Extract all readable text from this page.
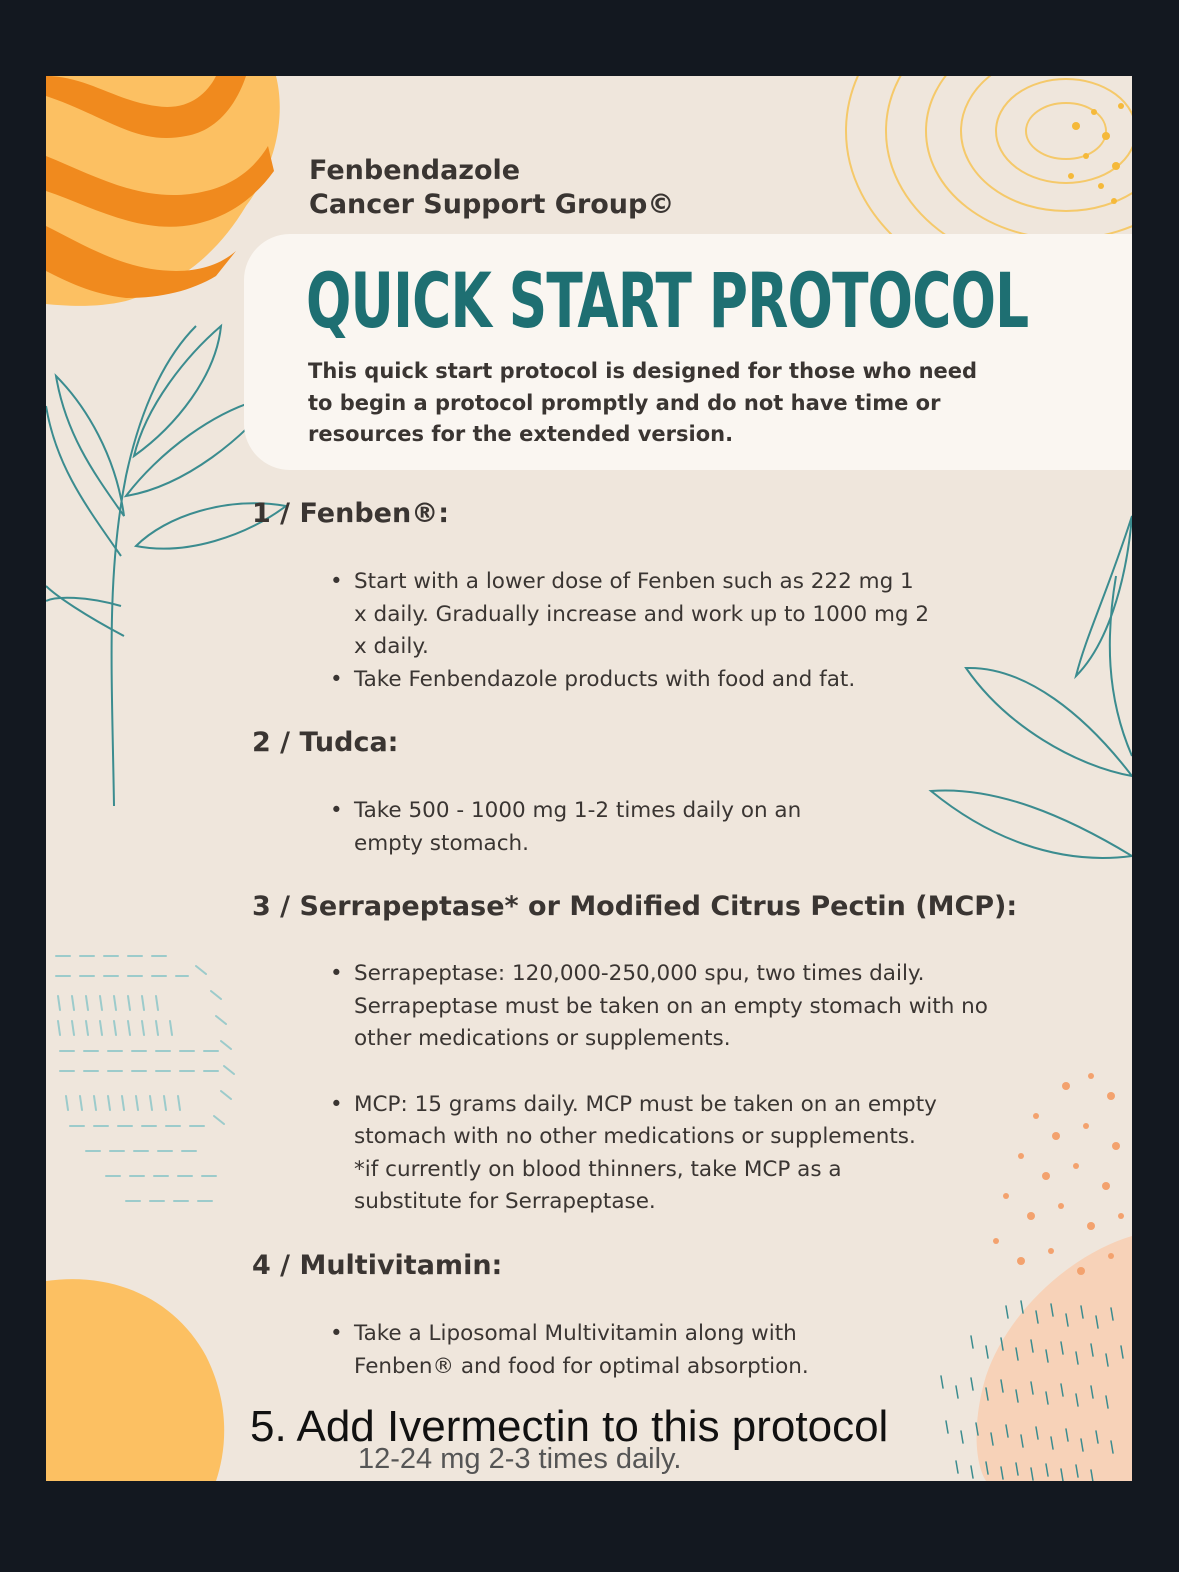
Fenbendazole
Cancer Support Group©
QUICK START PROTOCOL
This quick start protocol is designed for those who need to begin a protocol promptly and do not have time or resources for the extended version.
1 / Fenben®:
• Start with a lower dose of Fenben such as 222 mg 1 x daily. Gradually increase and work up to 1000 mg 2 x daily.
• Take Fenbendazole products with food and fat.
2 / Tudca:
• Take 500 - 1000 mg 1-2 times daily on an empty stomach.
3 / Serrapeptase* or Modified Citrus Pectin (MCP):
• Serrapeptase: 120,000-250,000 spu, two times daily. Serrapeptase must be taken on an empty stomach with no other medications or supplements.
• MCP: 15 grams daily. MCP must be taken on an empty stomach with no other medications or supplements.
*if currently on blood thinners, take MCP as a substitute for Serrapeptase.
4 / Multivitamin:
• Take a Liposomal Multivitamin along with Fenben® and food for optimal absorption.
5. Add Ivermectin to this protocol
12-24 mg 2-3 times daily.
